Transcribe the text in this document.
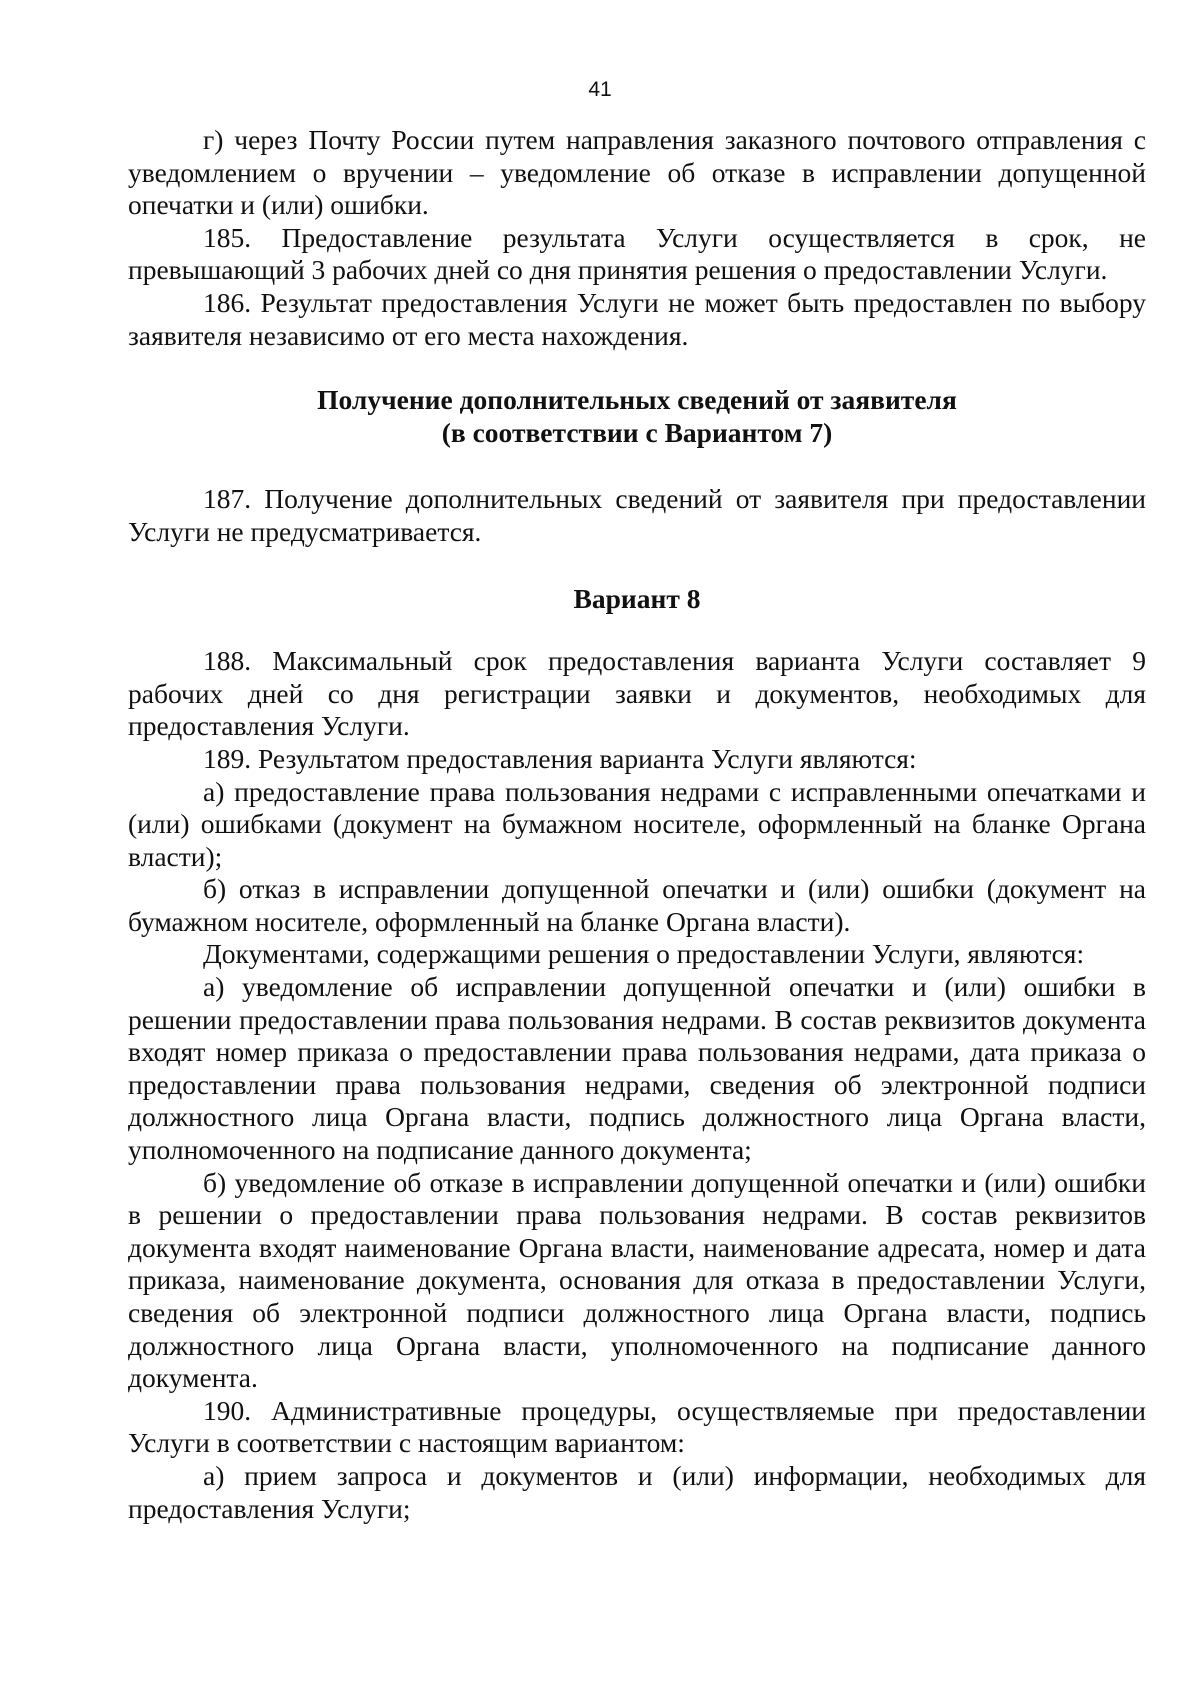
41

г) через Почту России путем направления заказного почтового отправления с уведомлением о вручении – уведомление об отказе в исправлении допущенной опечатки и (или) ошибки.

185. Предоставление результата Услуги осуществляется в срок, не превышающий 3 рабочих дней со дня принятия решения о предоставлении Услуги.

186. Результат предоставления Услуги не может быть предоставлен по выбору заявителя независимо от его места нахождения.

Получение дополнительных сведений от заявителя
(в соответствии с Вариантом 7)

187. Получение дополнительных сведений от заявителя при предоставлении Услуги не предусматривается.

Вариант 8

188. Максимальный срок предоставления варианта Услуги составляет 9 рабочих дней со дня регистрации заявки и документов, необходимых для предоставления Услуги.

189. Результатом предоставления варианта Услуги являются:

а) предоставление права пользования недрами с исправленными опечатками и (или) ошибками (документ на бумажном носителе, оформленный на бланке Органа власти);

б) отказ в исправлении допущенной опечатки и (или) ошибки (документ на бумажном носителе, оформленный на бланке Органа власти).

Документами, содержащими решения о предоставлении Услуги, являются:

а) уведомление об исправлении допущенной опечатки и (или) ошибки в решении предоставлении права пользования недрами. В состав реквизитов документа входят номер приказа о предоставлении права пользования недрами, дата приказа о предоставлении права пользования недрами, сведения об электронной подписи должностного лица Органа власти, подпись должностного лица Органа власти, уполномоченного на подписание данного документа;

б) уведомление об отказе в исправлении допущенной опечатки и (или) ошибки в решении о предоставлении права пользования недрами. В состав реквизитов документа входят наименование Органа власти, наименование адресата, номер и дата приказа, наименование документа, основания для отказа в предоставлении Услуги, сведения об электронной подписи должностного лица Органа власти, подпись должностного лица Органа власти, уполномоченного на подписание данного документа.

190. Административные процедуры, осуществляемые при предоставлении Услуги в соответствии с настоящим вариантом:

а) прием запроса и документов и (или) информации, необходимых для предоставления Услуги;
